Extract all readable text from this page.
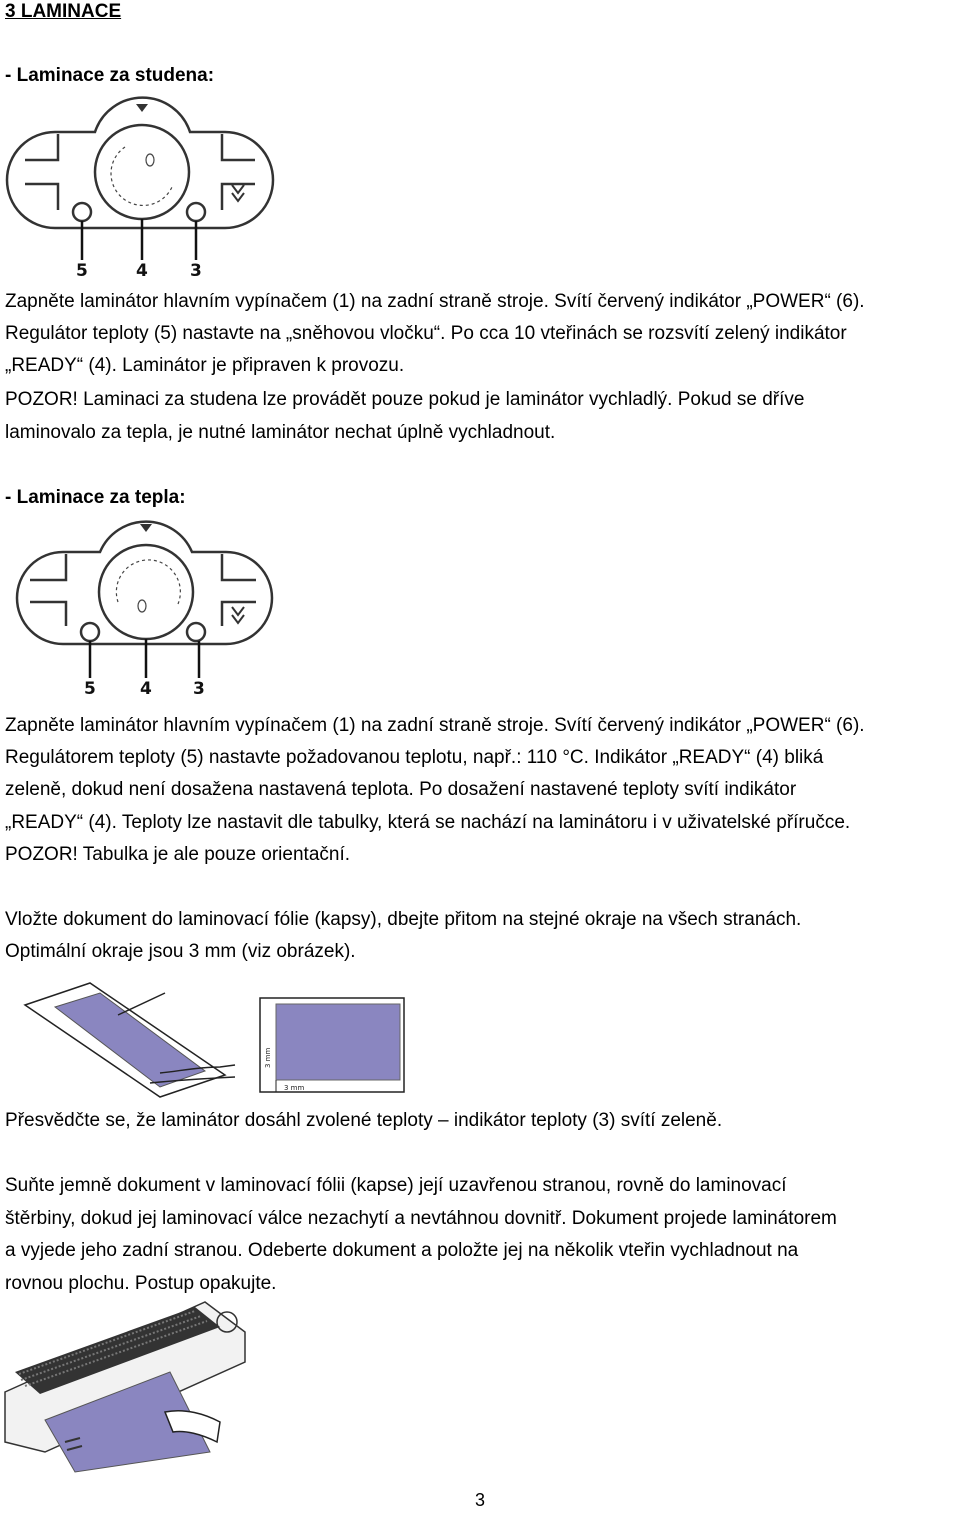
3 LAMINACE
- Laminace za studena:
5	4 3
Zapněte laminátor hlavním vypínačem (1) na zadní straně stroje. Svítí červený indikátor „POWER“ (6).
Regulátor teploty (5) nastavte na „sněhovou vločku“. Po cca 10 vteřinách se rozsvítí zelený indikátor
„READY“ (4). Laminátor je připraven k provozu.
POZOR! Laminaci za studena lze provádět pouze pokud je laminátor vychladlý. Pokud se dříve
laminovalo za tepla, je nutné laminátor nechat úplně vychladnout.
- Laminace za tepla:
5	4 3
Zapněte laminátor hlavním vypínačem (1) na zadní straně stroje. Svítí červený indikátor „POWER“ (6).
Regulátorem teploty (5) nastavte požadovanou teplotu, např.: 110 °C. Indikátor „READY“ (4) bliká
zeleně, dokud není dosažena nastavená teplota. Po dosažení nastavené teploty svítí indikátor
„READY“ (4). Teploty lze nastavit dle tabulky, která se nachází na laminátoru i v uživatelské příručce.
POZOR! Tabulka je ale pouze orientační.
Vložte dokument do laminovací fólie (kapsy), dbejte přitom na stejné okraje na všech stranách.
Optimální okraje jsou 3 mm (viz obrázek).
3 mm
3 mm
Přesvědčte se, že laminátor dosáhl zvolené teploty – indikátor teploty (3) svítí zeleně.
Suňte jemně dokument v laminovací fólii (kapse) její uzavřenou stranou, rovně do laminovací
štěrbiny, dokud jej laminovací válce nezachytí a nevtáhnou dovnitř. Dokument projede laminátorem
a vyjede jeho zadní stranou. Odeberte dokument a položte jej na několik vteřin vychladnout na
rovnou plochu. Postup opakujte.
3
